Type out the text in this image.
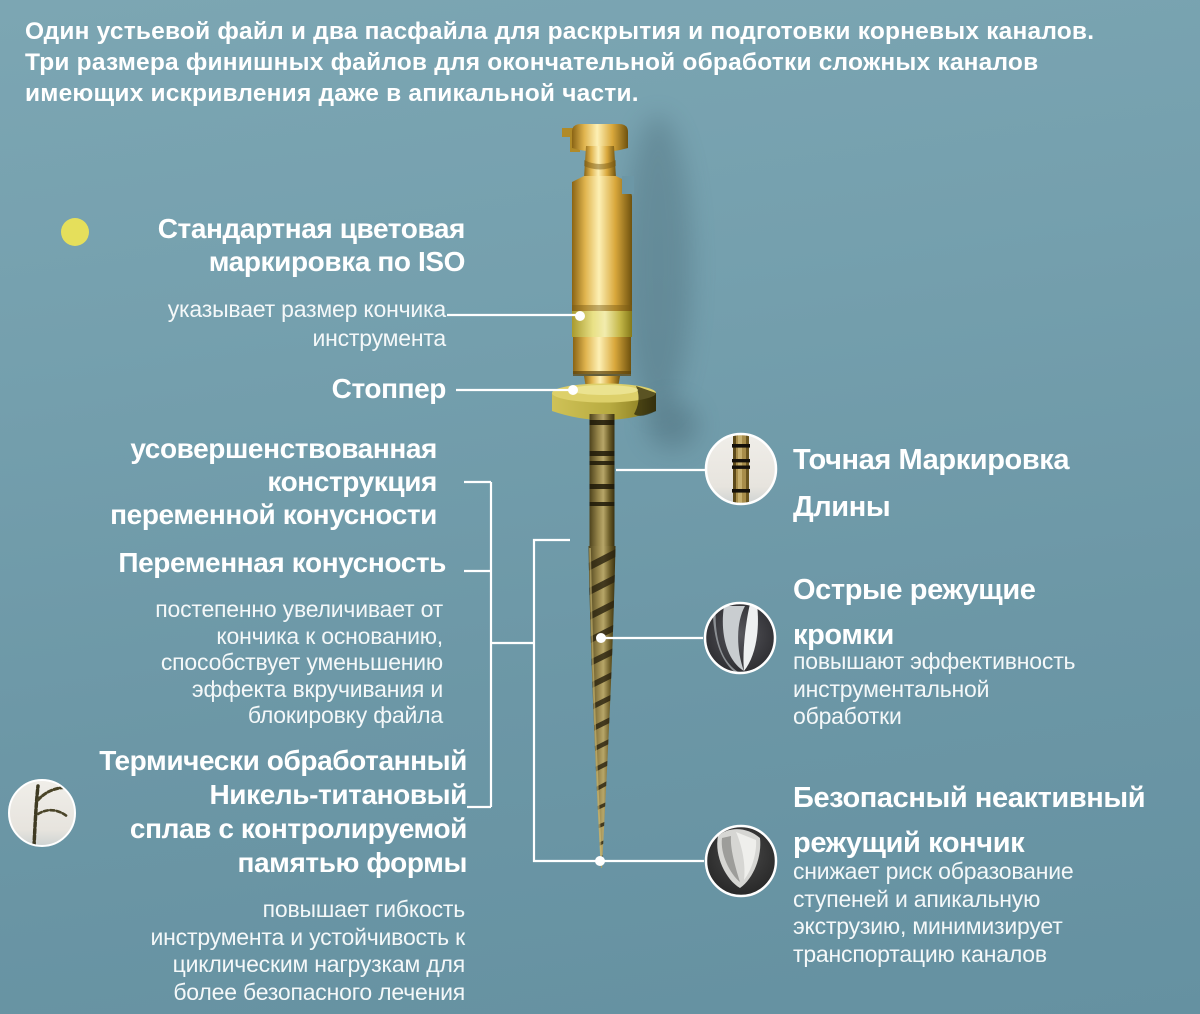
Один устьевой файл и два пасфайла для раскрытия и подготовки корневых каналов.
Три размера финишных файлов для окончательной обработки сложных каналов
имеющих искривления даже в апикальной части.
Стандартная цветовая
маркировка по ISO
указывает размер кончика
инструмента
Стоппер
усовершенствованная
конструкция
переменной конусности
Переменная конусность
постепенно увеличивает от
кончика к основанию,
способствует уменьшению
эффекта вкручивания и
блокировку файла
Термически обработанный
Никель-титановый
сплав с контролируемой
памятью формы
повышает гибкость
инструмента и устойчивость к
циклическим нагрузкам для
более безопасного лечения
Точная Маркировка
Длины
Острые режущие
кромки
повышают эффективность
инструментальной
обработки
Безопасный неактивный
режущий кончик
снижает риск образование
ступеней и апикальную
экструзию, минимизирует
транспортацию каналов
